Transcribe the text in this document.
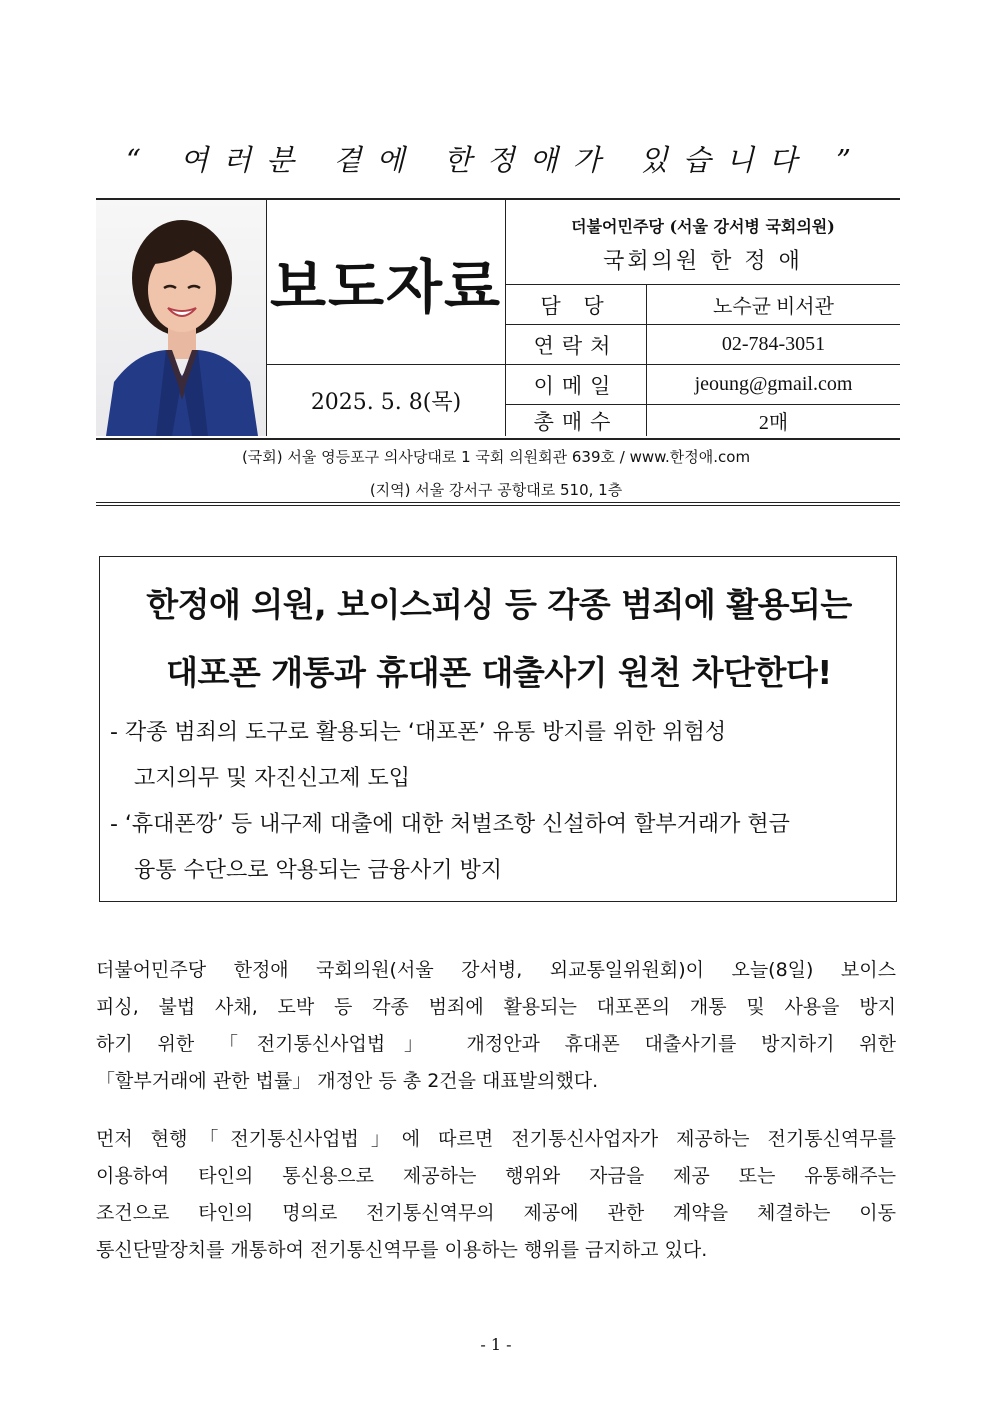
“ 여러분 곁에 한정애가 있습니다 ”
보도자료
2025. 5. 8(목)
더불어민주당 (서울 강서병 국회의원)
국회의원 한 정 애
담 당	노수균 비서관
연락처	02-784-3051
이메일	jeoung@gmail.com
총매수	2매
(국회) 서울 영등포구 의사당대로 1 국회 의원회관 639호 / www.한정애.com
(지역) 서울 강서구 공항대로 510, 1층
한정애 의원, 보이스피싱 등 각종 범죄에 활용되는
대포폰 개통과 휴대폰 대출사기 원천 차단한다!
- 각종 범죄의 도구로 활용되는 ‘대포폰’ 유통 방지를 위한 위험성
고지의무 및 자진신고제 도입
- ‘휴대폰깡’ 등 내구제 대출에 대한 처벌조항 신설하여 할부거래가 현금
융통 수단으로 악용되는 금융사기 방지
더불어민주당 한정애 국회의원(서울 강서병, 외교통일위원회)이 오늘(8일) 보이스
피싱, 불법 사채, 도박 등 각종 범죄에 활용되는 대포폰의 개통 및 사용을 방지
하기 위한 「전기통신사업법」 개정안과 휴대폰 대출사기를 방지하기 위한
「할부거래에 관한 법률」 개정안 등 총 2건을 대표발의했다.
먼저 현행「전기통신사업법」에 따르면 전기통신사업자가 제공하는 전기통신역무를
이용하여 타인의 통신용으로 제공하는 행위와 자금을 제공 또는 유통해주는
조건으로 타인의 명의로 전기통신역무의 제공에 관한 계약을 체결하는 이동
통신단말장치를 개통하여 전기통신역무를 이용하는 행위를 금지하고 있다.
- 1 -
